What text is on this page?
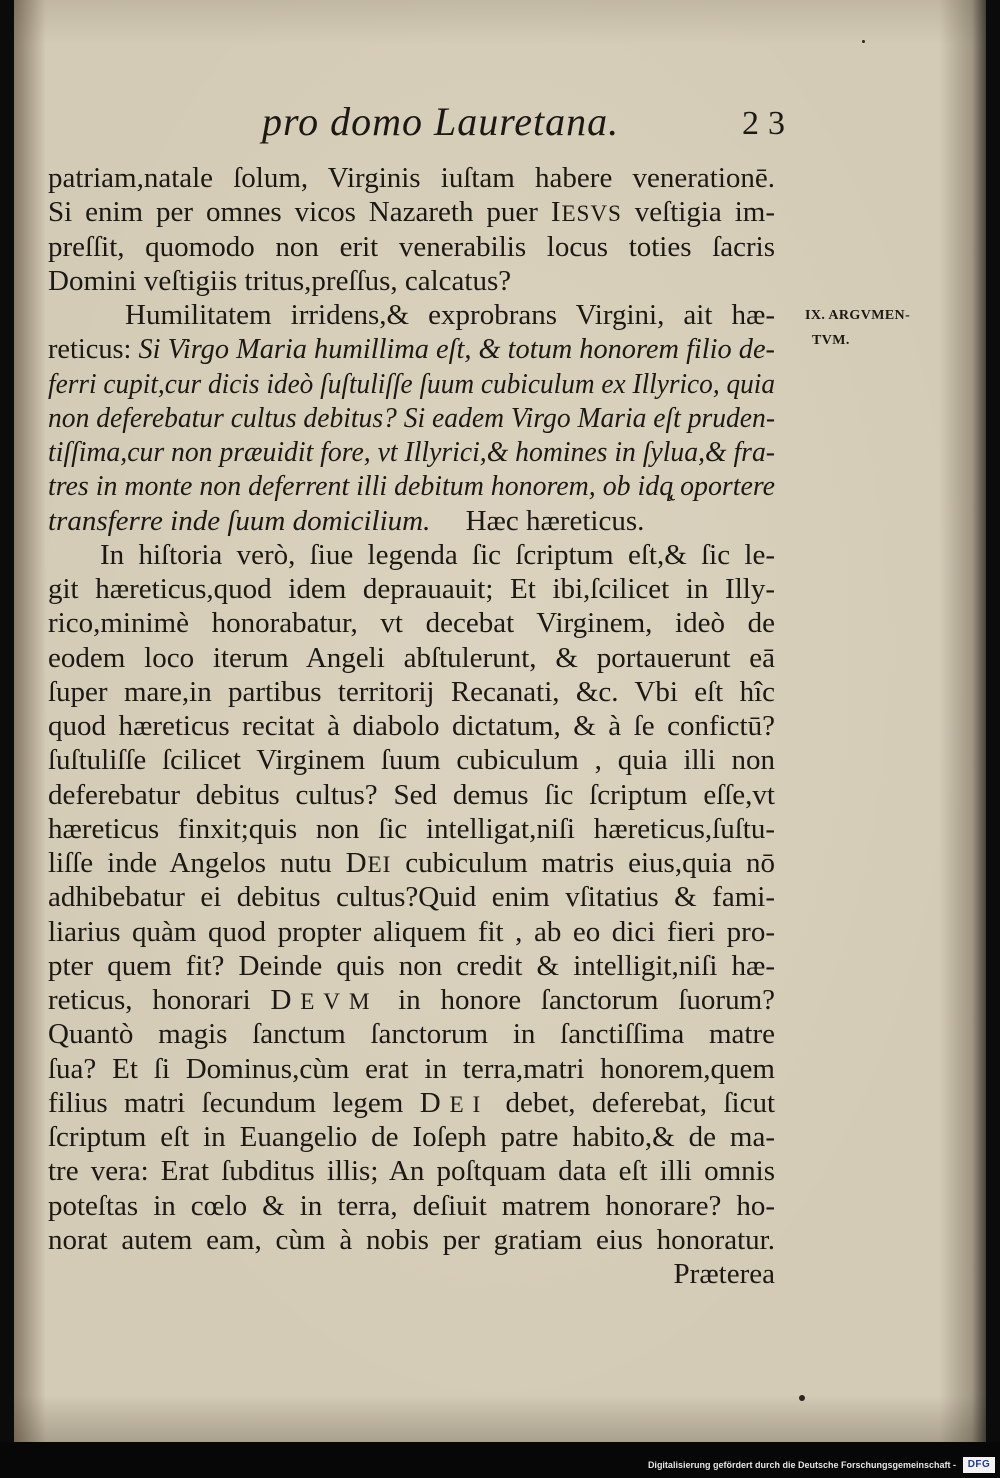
pro domo Lauretana.	23
patriam,natale ſolum, Virginis iuſtam habere venerationē.
Si enim per omnes vicos Nazareth puer IESVS veſtigia im-
preſſit, quomodo non erit venerabilis locus toties ſacris
Domini veſtigiis tritus,preſſus, calcatus?
Humilitatem irridens,& exprobrans Virgini, ait hæ-
reticus: Si Virgo Maria humillima eſt, & totum honorem filio de-
ferri cupit,cur dicis ideò ſuſtuliſſe ſuum cubiculum ex Illyrico, quia
non deferebatur cultus debitus? Si eadem Virgo Maria eſt pruden-
tiſſima,cur non præuidit fore, vt Illyrici,& homines in ſylua,& fra-
tres in monte non deferrent illi debitum honorem, ob idq̨ oportere
transferre inde ſuum domicilium. Hæc hæreticus.
In hiſtoria verò, ſiue legenda ſic ſcriptum eſt,& ſic le-
git hæreticus,quod idem deprauauit; Et ibi,ſcilicet in Illy-
rico,minimè honorabatur, vt decebat Virginem, ideò de
eodem loco iterum Angeli abſtulerunt, & portauerunt eā
ſuper mare,in partibus territorij Recanati, &c. Vbi eſt hîc
quod hæreticus recitat à diabolo dictatum, & à ſe confictū?
ſuſtuliſſe ſcilicet Virginem ſuum cubiculum , quia illi non
deferebatur debitus cultus? Sed demus ſic ſcriptum eſſe,vt
hæreticus finxit;quis non ſic intelligat,niſi hæreticus,ſuſtu-
liſſe inde Angelos nutu DEI cubiculum matris eius,quia nō
adhibebatur ei debitus cultus?Quid enim vſitatius & fami-
liarius quàm quod propter aliquem fit , ab eo dici fieri pro-
pter quem fit? Deinde quis non credit & intelligit,niſi hæ-
reticus, honorari DEVM in honore ſanctorum ſuorum?
Quantò magis ſanctum ſanctorum in ſanctiſſima matre
ſua? Et ſi Dominus,cùm erat in terra,matri honorem,quem
filius matri ſecundum legem DEI debet, deferebat, ſicut
ſcriptum eſt in Euangelio de Ioſeph patre habito,& de ma-
tre vera: Erat ſubditus illis; An poſtquam data eſt illi omnis
poteſtas in cœlo & in terra, deſiuit matrem honorare? ho-
norat autem eam, cùm à nobis per gratiam eius honoratur.
Præterea
IX. ARGVMEN-
TVM.
Digitalisierung gefördert durch die Deutsche Forschungsgemeinschaft -	DFG
